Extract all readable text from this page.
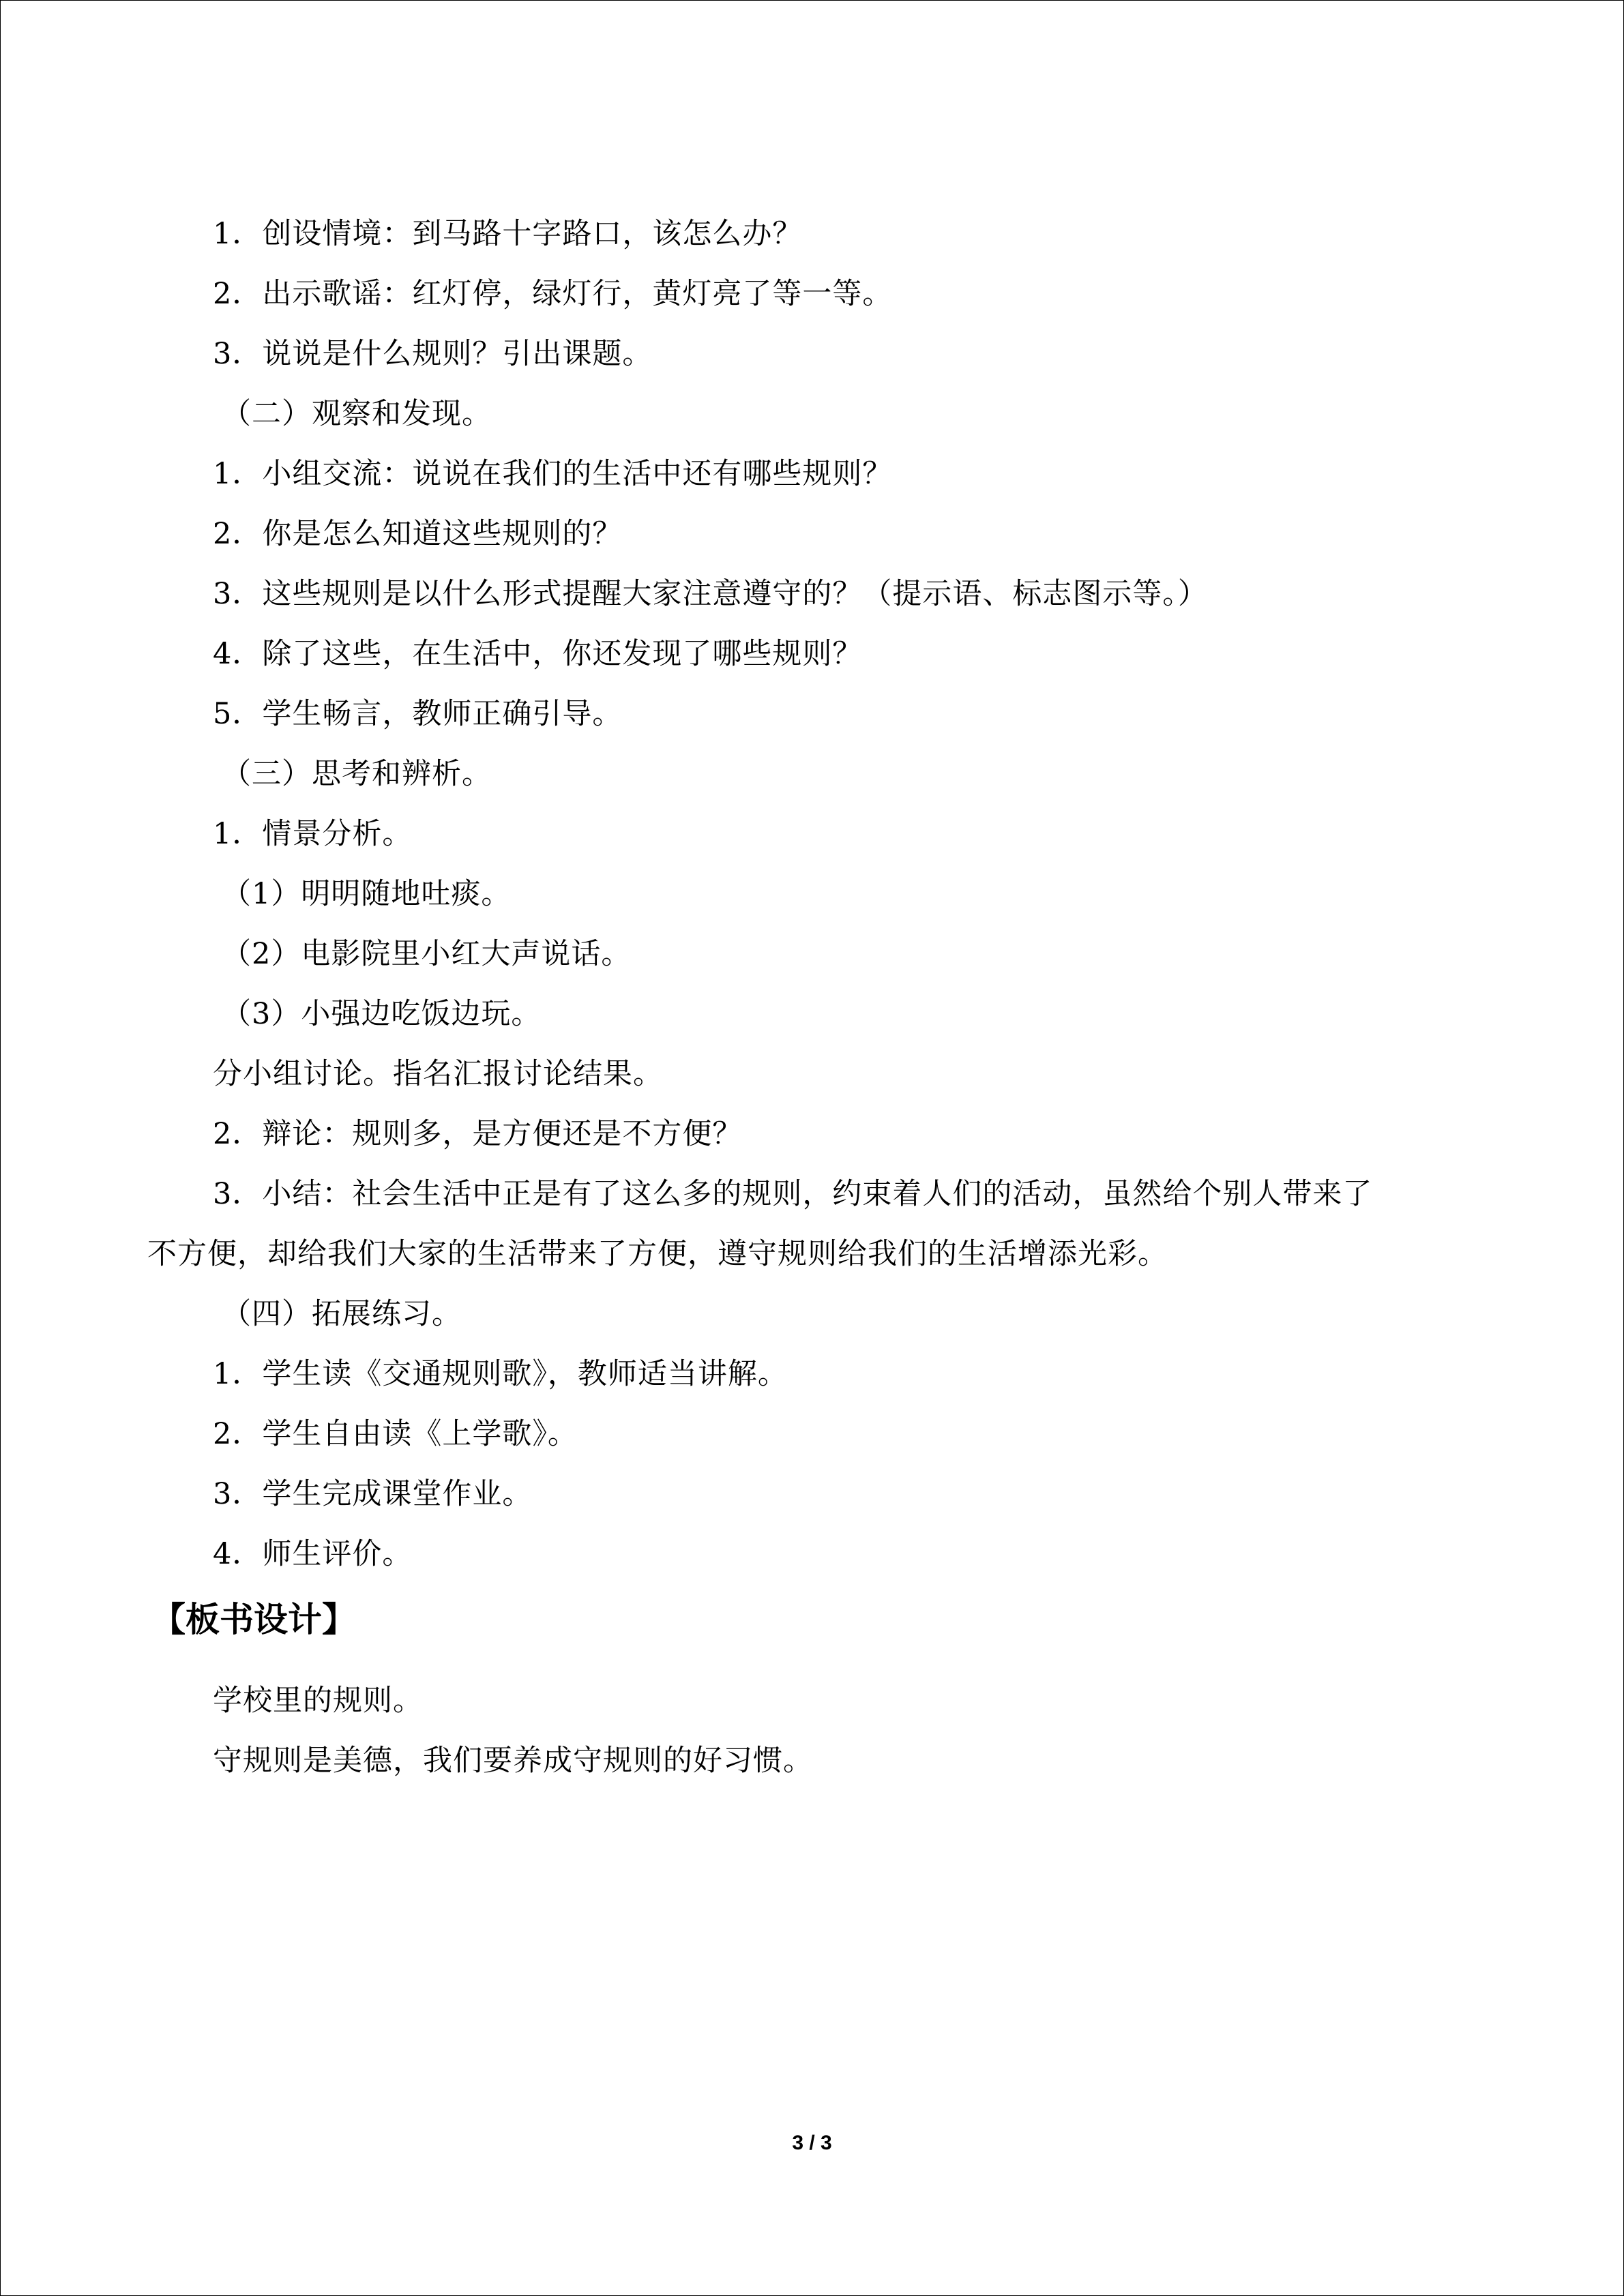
1．创设情境：到马路十字路口，该怎么办？
2．出示歌谣：红灯停，绿灯行，黄灯亮了等一等。
3．说说是什么规则？引出课题。
（二）观察和发现。
1．小组交流：说说在我们的生活中还有哪些规则？
2．你是怎么知道这些规则的？
3．这些规则是以什么形式提醒大家注意遵守的？（提示语、标志图示等。）
4．除了这些，在生活中，你还发现了哪些规则？
5．学生畅言，教师正确引导。
（三）思考和辨析。
1．情景分析。
（1）明明随地吐痰。
（2）电影院里小红大声说话。
（3）小强边吃饭边玩。
分小组讨论。指名汇报讨论结果。
2．辩论：规则多，是方便还是不方便？
3．小结：社会生活中正是有了这么多的规则，约束着人们的活动，虽然给个别人带来了
不方便，却给我们大家的生活带来了方便，遵守规则给我们的生活增添光彩。
（四）拓展练习。
1．学生读《交通规则歌》，教师适当讲解。
2．学生自由读《上学歌》。
3．学生完成课堂作业。
4．师生评价。
【板书设计】
学校里的规则。
守规则是美德，我们要养成守规则的好习惯。
3 / 3
